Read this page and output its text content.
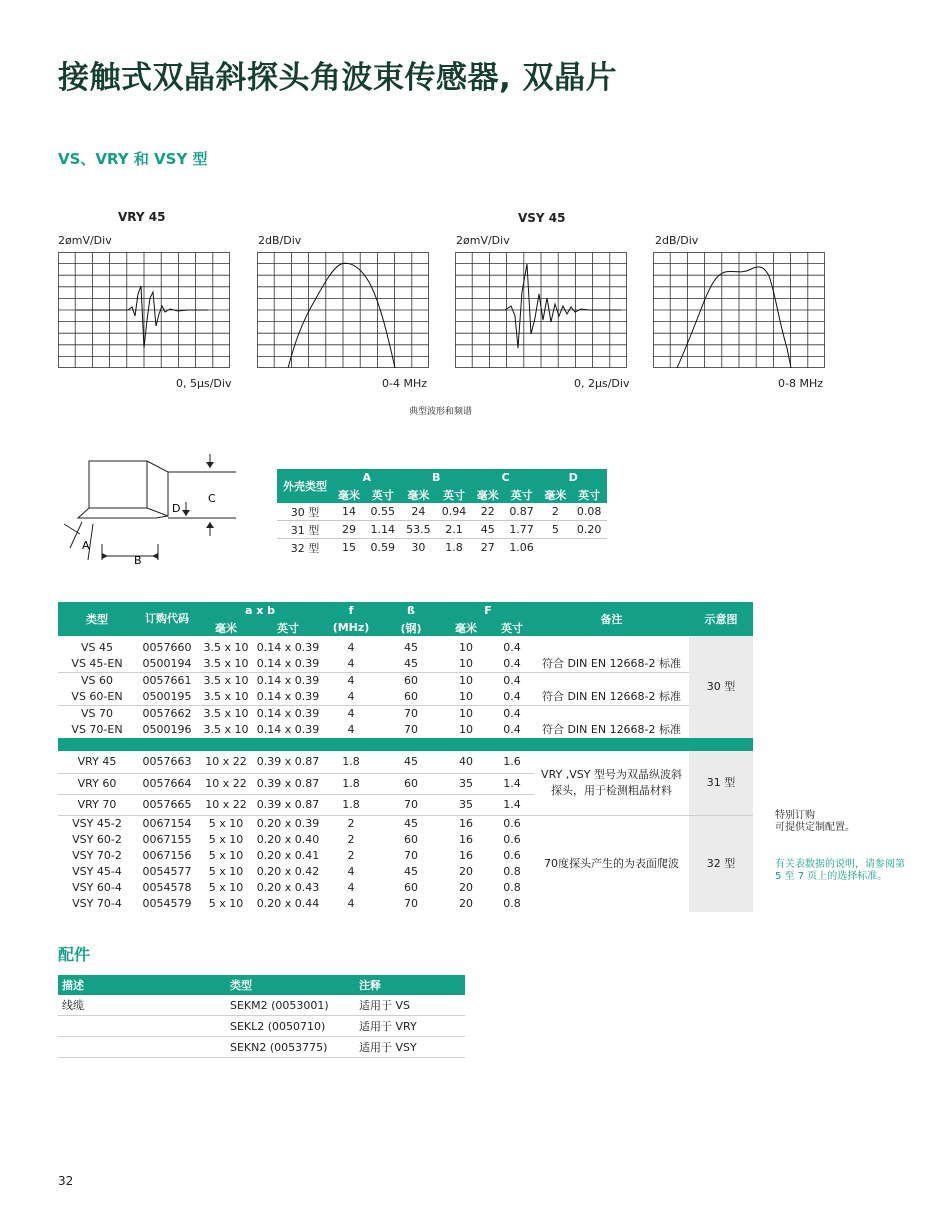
接触式双晶斜探头角波束传感器, 双晶片
VS、VRY 和 VSY 型
VRY 45	VSY 45
2ømV/Div	2dB/Div	2ømV/Div	2dB/Div
0, 5μs/Div	0-4 MHz	0, 2μs/Div	0-8 MHz
典型波形和频谱
C
D
A
B
外壳类型	A		B		C		D	
	毫米	英寸	毫米	英寸	毫米	英寸	毫米	英寸
30 型	14	0.55	24	0.94	22	0.87	2	0.08
31 型	29	1.14	53.5	2.1	45	1.77	5	0.20
32 型	15	0.59	30	1.8	27	1.06		
类型	订购代码	a x b		f	ß	F		备注	示意图
		毫米	英寸	(MHz)	(钢)	毫米	英寸		
VS 45	0057660	3.5 x 10	0.14 x 0.39	4	45	10	0.4	符合 DIN EN 12668-2 标准	30 型
VS 45-EN	0500194	3.5 x 10	0.14 x 0.39	4	45	10	0.4		
VS 60	0057661	3.5 x 10	0.14 x 0.39	4	60	10	0.4	符合 DIN EN 12668-2 标准	
VS 60-EN	0500195	3.5 x 10	0.14 x 0.39	4	60	10	0.4		
VS 70	0057662	3.5 x 10	0.14 x 0.39	4	70	10	0.4	符合 DIN EN 12668-2 标准	
VS 70-EN	0500196	3.5 x 10	0.14 x 0.39	4	70	10	0.4		

VRY 45	0057663	10 x 22	0.39 x 0.87	1.8	45	40	1.6	VRY ,VSY 型号为双晶纵波斜探头，用于检测粗晶材料	31 型
VRY 60	0057664	10 x 22	0.39 x 0.87	1.8	60	35	1.4		
VRY 70	0057665	10 x 22	0.39 x 0.87	1.8	70	35	1.4		
VSY 45-2	0067154	5 x 10	0.20 x 0.39	2	45	16	0.6	70度探头产生的为表面爬波	32 型
VSY 60-2	0067155	5 x 10	0.20 x 0.40	2	60	16	0.6		
VSY 70-2	0067156	5 x 10	0.20 x 0.41	2	70	16	0.6		
VSY 45-4	0054577	5 x 10	0.20 x 0.42	4	45	20	0.8		
VSY 60-4	0054578	5 x 10	0.20 x 0.43	4	60	20	0.8		
VSY 70-4	0054579	5 x 10	0.20 x 0.44	4	70	20	0.8		
特别订购
可提供定制配置。
有关表数据的说明，请参阅第
5 至 7 页上的选择标准。
配件
描述	类型	注释
线缆	SEKM2 (0053001)	适用于 VS
	SEKL2 (0050710)	适用于 VRY
	SEKN2 (0053775)	适用于 VSY
32
